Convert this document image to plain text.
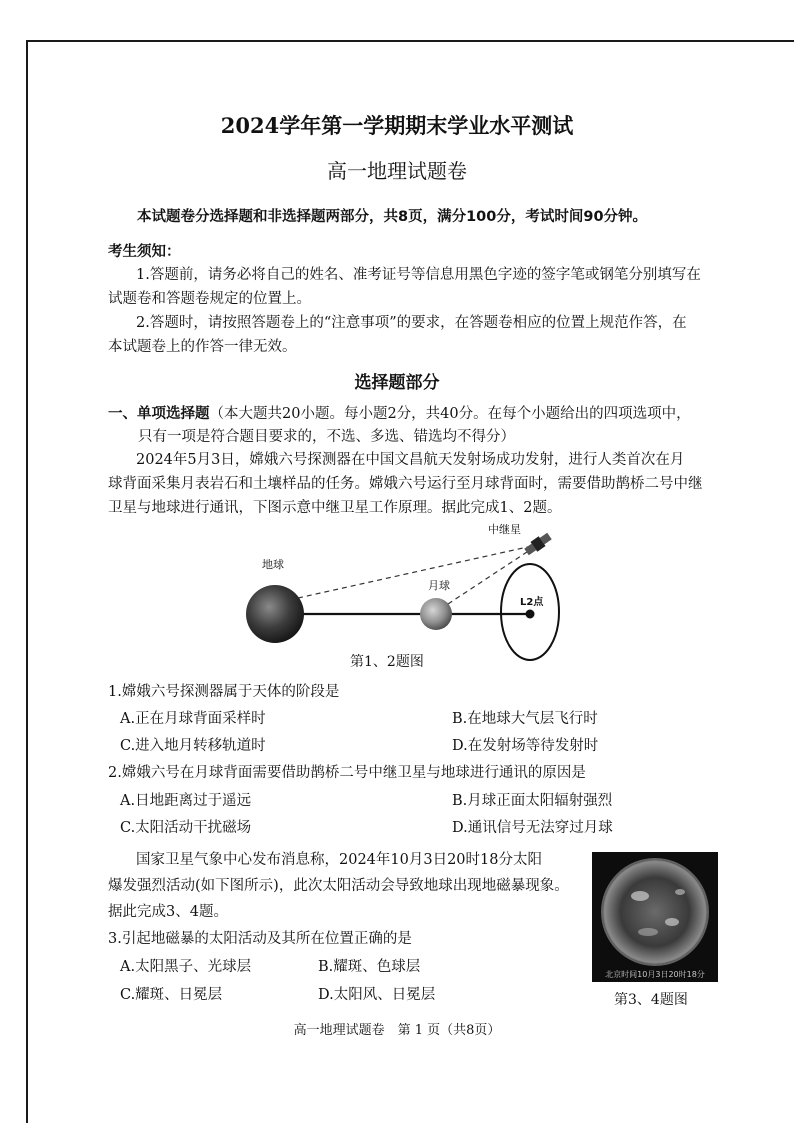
2024学年第一学期期末学业水平测试
高一地理试题卷
本试题卷分选择题和非选择题两部分，共8页，满分100分，考试时间90分钟。
考生须知：
1.答题前，请务必将自己的姓名、准考证号等信息用黑色字迹的签字笔或钢笔分别填写在
试题卷和答题卷规定的位置上。
2.答题时，请按照答题卷上的“注意事项”的要求，在答题卷相应的位置上规范作答，在
本试题卷上的作答一律无效。
选择题部分
一、单项选择题（本大题共20小题。每小题2分，共40分。在每个小题给出的四项选项中，
只有一项是符合题目要求的，不选、多选、错选均不得分）
2024年5月3日，嫦娥六号探测器在中国文昌航天发射场成功发射，进行人类首次在月
球背面采集月表岩石和土壤样品的任务。嫦娥六号运行至月球背面时，需要借助鹊桥二号中继
卫星与地球进行通讯，下图示意中继卫星工作原理。据此完成1、2题。
地球
月球
中继星
L2点
第1、2题图
1.嫦娥六号探测器属于天体的阶段是
A.正在月球背面采样时	B.在地球大气层飞行时
C.进入地月转移轨道时	D.在发射场等待发射时
2.嫦娥六号在月球背面需要借助鹊桥二号中继卫星与地球进行通讯的原因是
A.日地距离过于遥远	B.月球正面太阳辐射强烈
C.太阳活动干扰磁场	D.通讯信号无法穿过月球
国家卫星气象中心发布消息称，2024年10月3日20时18分太阳
爆发强烈活动(如下图所示)，此次太阳活动会导致地球出现地磁暴现象。
据此完成3、4题。
北京时间10月3日20时18分
第3、4题图
3.引起地磁暴的太阳活动及其所在位置正确的是
A.太阳黑子、光球层	B.耀斑、色球层
C.耀斑、日冕层	D.太阳风、日冕层
高一地理试题卷　第 1 页（共8页）
